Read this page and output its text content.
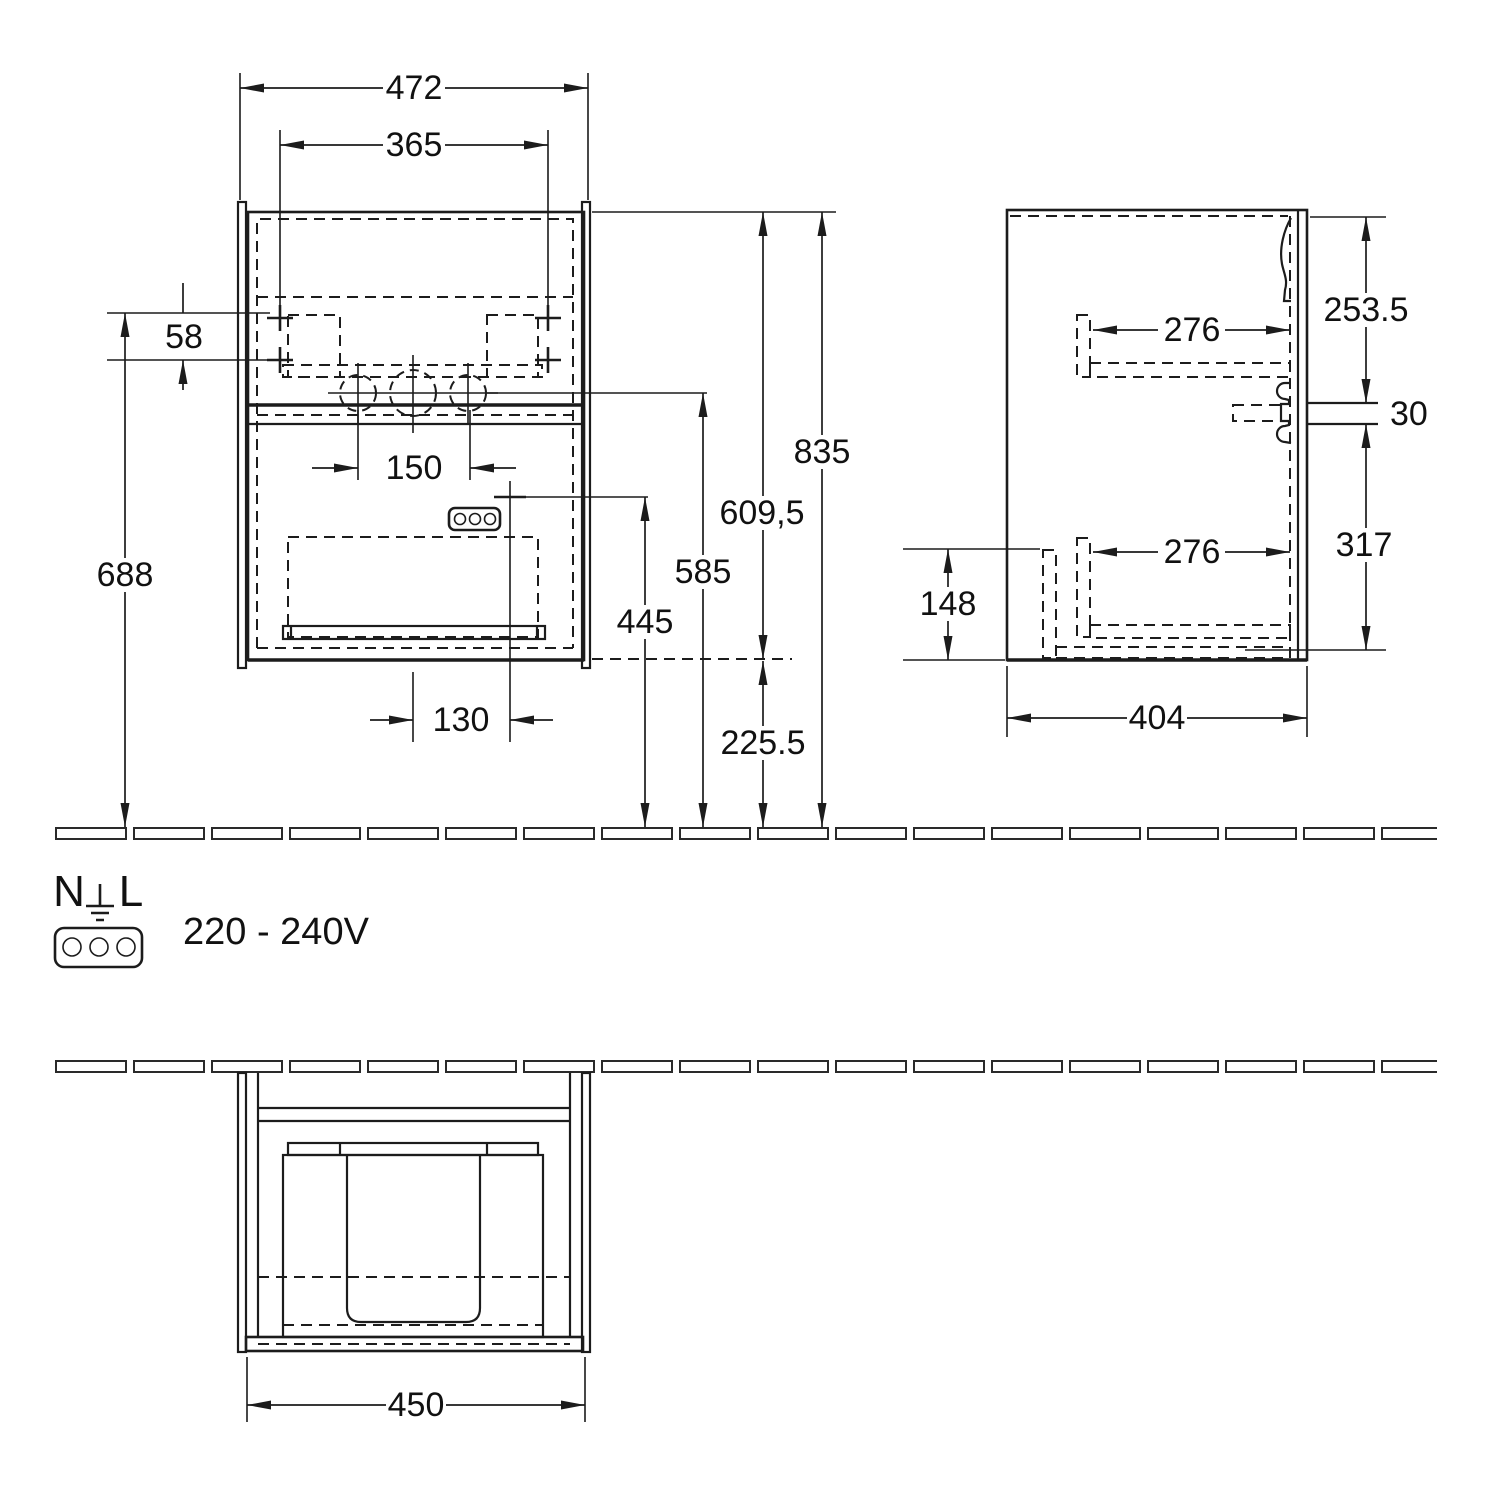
472
365
58
688
150
130
445
585
609,5
225.5
835
276
276
253.5
30
317
148
404
450
N L
220 - 240V
